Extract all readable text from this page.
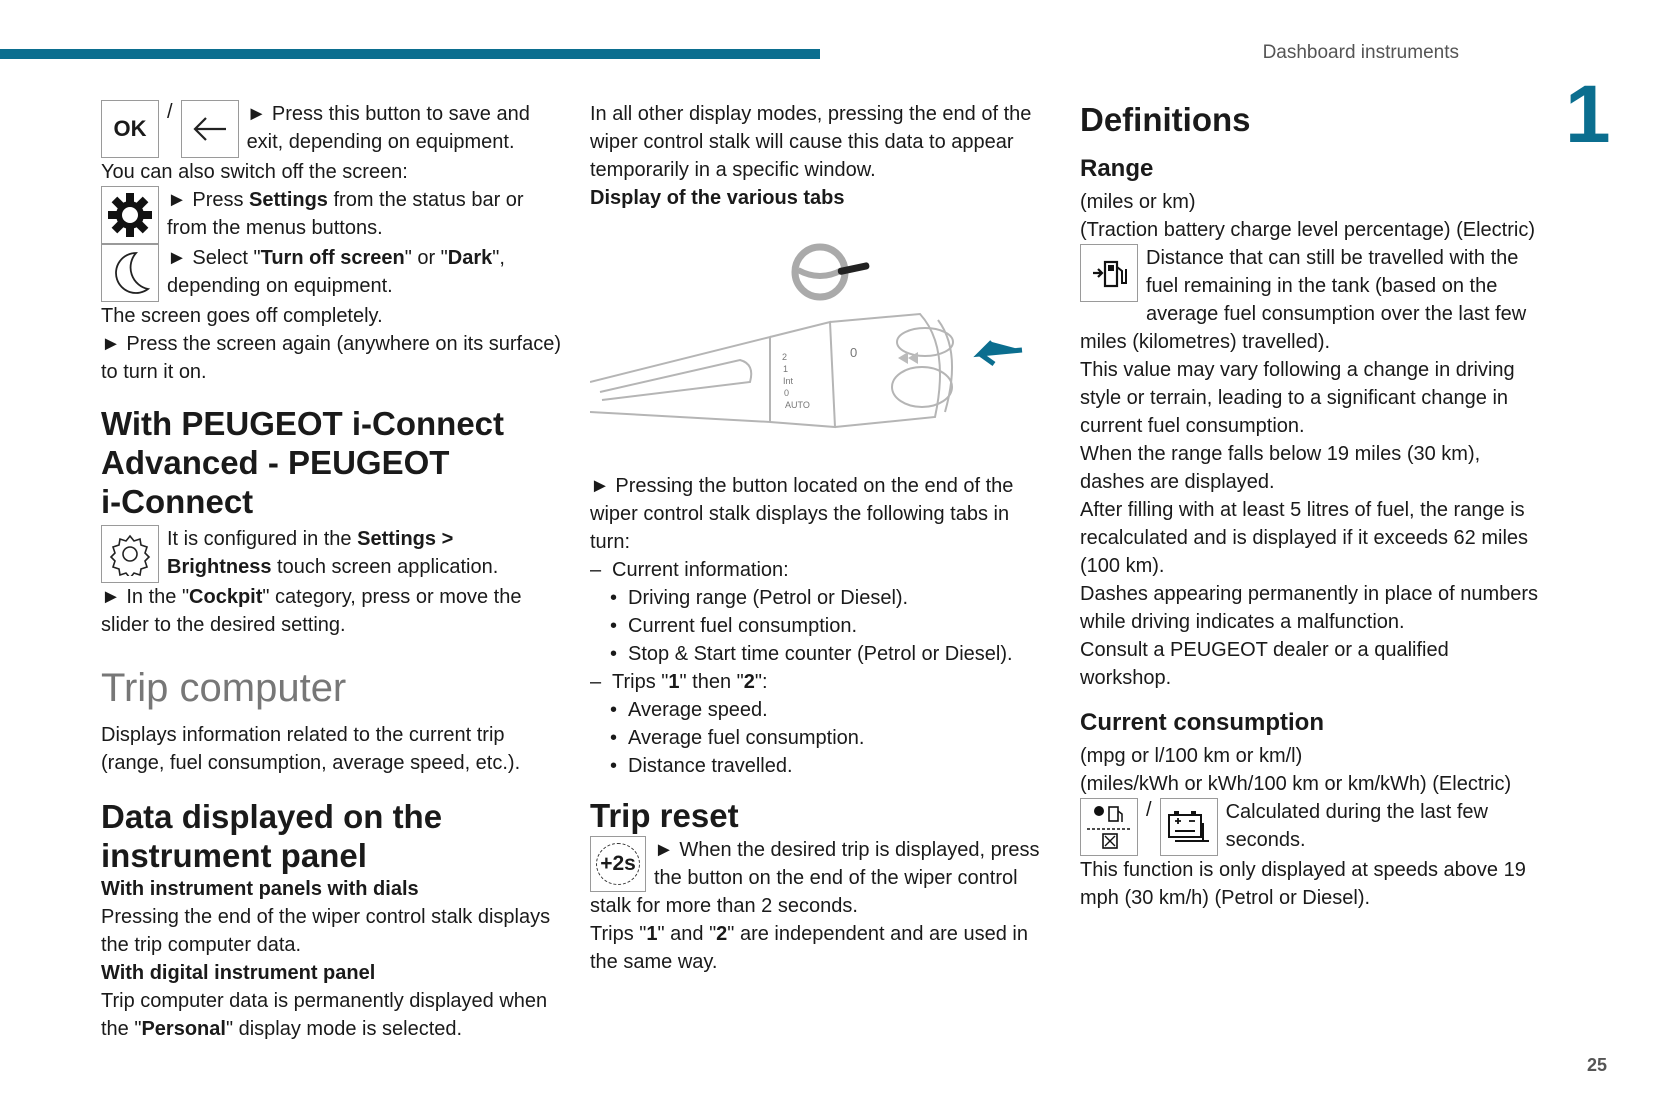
Dashboard instruments
1
25
OK
/	► Press this button to save and exit, depending on equipment.

You can also switch off the screen:

► Press Settings from the status bar or from the menus buttons.

► Select "Turn off screen" or "Dark", depending on equipment.

The screen goes off completely.

► Press the screen again (anywhere on its surface) to turn it on.

With PEUGEOT i-Connect
Advanced - PEUGEOT
i-Connect

It is configured in the Settings > Brightness touch screen application.

► In the "Cockpit" category, press or move the slider to the desired setting.

Trip computer

Displays information related to the current trip (range, fuel consumption, average speed, etc.).

Data displayed on the
instrument panel

With instrument panels with dials

Pressing the end of the wiper control stalk displays the trip computer data.

With digital instrument panel

Trip computer data is permanently displayed when the "Personal" display mode is selected.

In all other display modes, pressing the end of the wiper control stalk will cause this data to appear temporarily in a specific window.

Display of the various tabs

2
1
Int
0
AUTO
0

► Pressing the button located on the end of the wiper control stalk displays the following tabs in turn:

– Current information:
• Driving range (Petrol or Diesel).
• Current fuel consumption.
• Stop & Start time counter (Petrol or Diesel).
– Trips "1" then "2":
• Average speed.
• Average fuel consumption.
• Distance travelled.
Trip reset
+2s

► When the desired trip is displayed, press the button on the end of the wiper control stalk for more than 2 seconds.

Trips "1" and "2" are independent and are used in the same way.

Definitions
Range

(miles or km)

(Traction battery charge level percentage) (Electric)

Distance that can still be travelled with the fuel remaining in the tank (based on the average fuel consumption over the last few miles (kilometres) travelled).

This value may vary following a change in driving style or terrain, leading to a significant change in current fuel consumption.

When the range falls below 19 miles (30 km), dashes are displayed.

After filling with at least 5 litres of fuel, the range is recalculated and is displayed if it exceeds 62 miles (100 km).

Dashes appearing permanently in place of numbers while driving indicates a malfunction.

Consult a PEUGEOT dealer or a qualified workshop.

Current consumption

(mpg or l/100 km or km/l)

(miles/kWh or kWh/100 km or km/kWh) (Electric)

/	Calculated during the last few seconds.

This function is only displayed at speeds above 19 mph (30 km/h) (Petrol or Diesel).
